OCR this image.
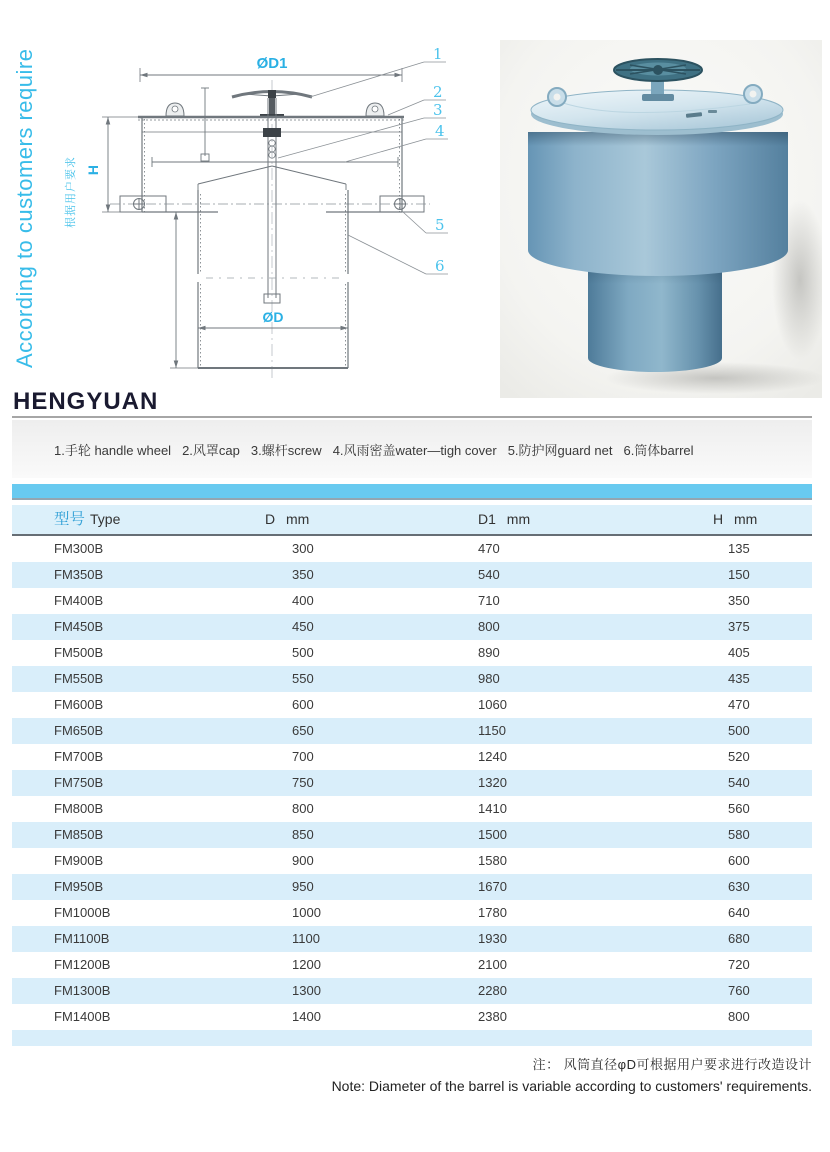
According to customers require	根据用户要求
ØD1
ØD
H
1
2
3
4
5
6
HENGYUAN
1.手轮 handle wheel 2.风罩cap 3.螺杆screw 4.风雨密盖water—tigh cover 5.防护网guard net 6.筒体barrel
型号 Type	D mm	D1 mm	H mm
FM300B	300	470	135
FM350B	350	540	150
FM400B	400	710	350
FM450B	450	800	375
FM500B	500	890	405
FM550B	550	980	435
FM600B	600	1060	470
FM650B	650	1150	500
FM700B	700	1240	520
FM750B	750	1320	540
FM800B	800	1410	560
FM850B	850	1500	580
FM900B	900	1580	600
FM950B	950	1670	630
FM1000B	1000	1780	640
FM1100B	1100	1930	680
FM1200B	1200	2100	720
FM1300B	1300	2280	760
FM1400B	1400	2380	800
注： 风筒直径φD可根据用户要求进行改造设计
Note: Diameter of the barrel is variable according to customers' requirements.
